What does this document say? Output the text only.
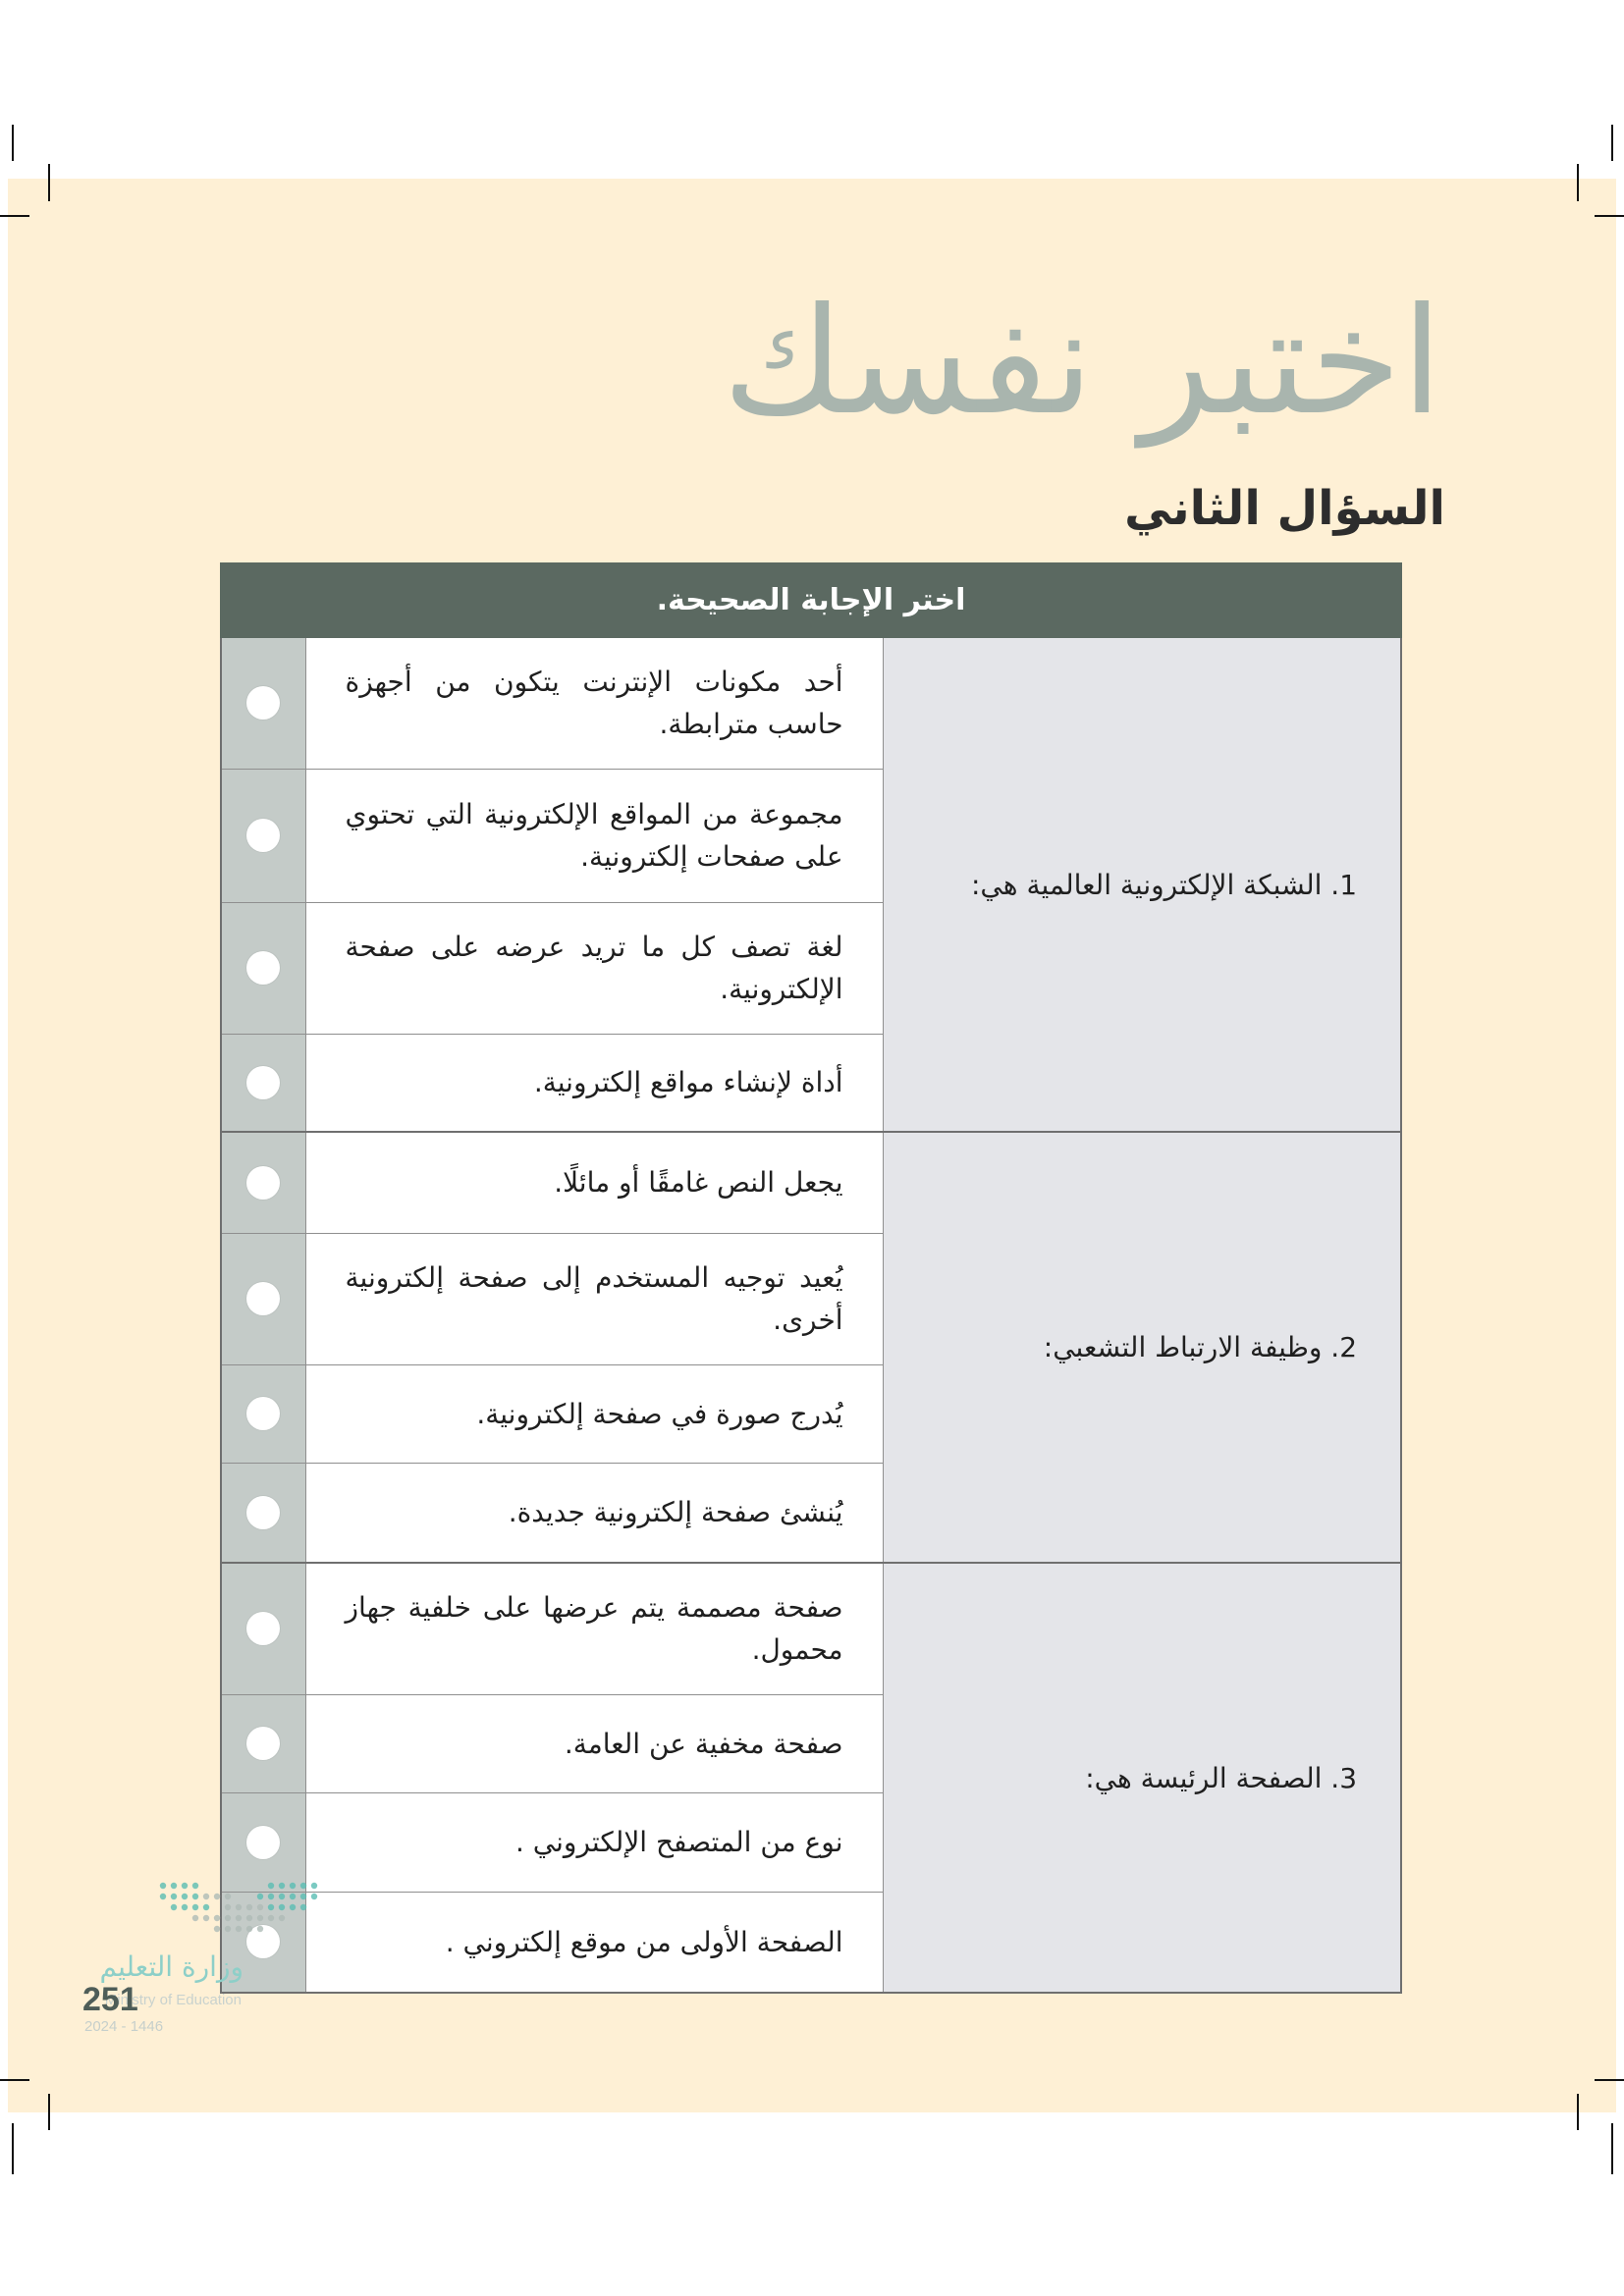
اختبر نفسك
السؤال الثاني
اختر الإجابة الصحيحة.		
1. الشبكة الإلكترونية العالمية هي:	أحد مكونات الإنترنت يتكون من أجهزة حاسب مترابطة.	
	مجموعة من المواقع الإلكترونية التي تحتوي على صفحات إلكترونية.	
	لغة تصف كل ما تريد عرضه على صفحة الإلكترونية.	
	أداة لإنشاء مواقع إلكترونية.	
2. وظيفة الارتباط التشعبي:	يجعل النص غامقًا أو مائلًا.	
	يُعيد توجيه المستخدم إلى صفحة إلكترونية أخرى.	
	يُدرج صورة في صفحة إلكترونية.	
	يُنشئ صفحة إلكترونية جديدة.	
3. الصفحة الرئيسة هي:	صفحة مصممة يتم عرضها على خلفية جهاز محمول.	
	صفحة مخفية عن العامة.	
	نوع من المتصفح الإلكتروني .	
	الصفحة الأولى من موقع إلكتروني .	
وزارة التعليم
Ministry of Education
251
2024 - 1446
